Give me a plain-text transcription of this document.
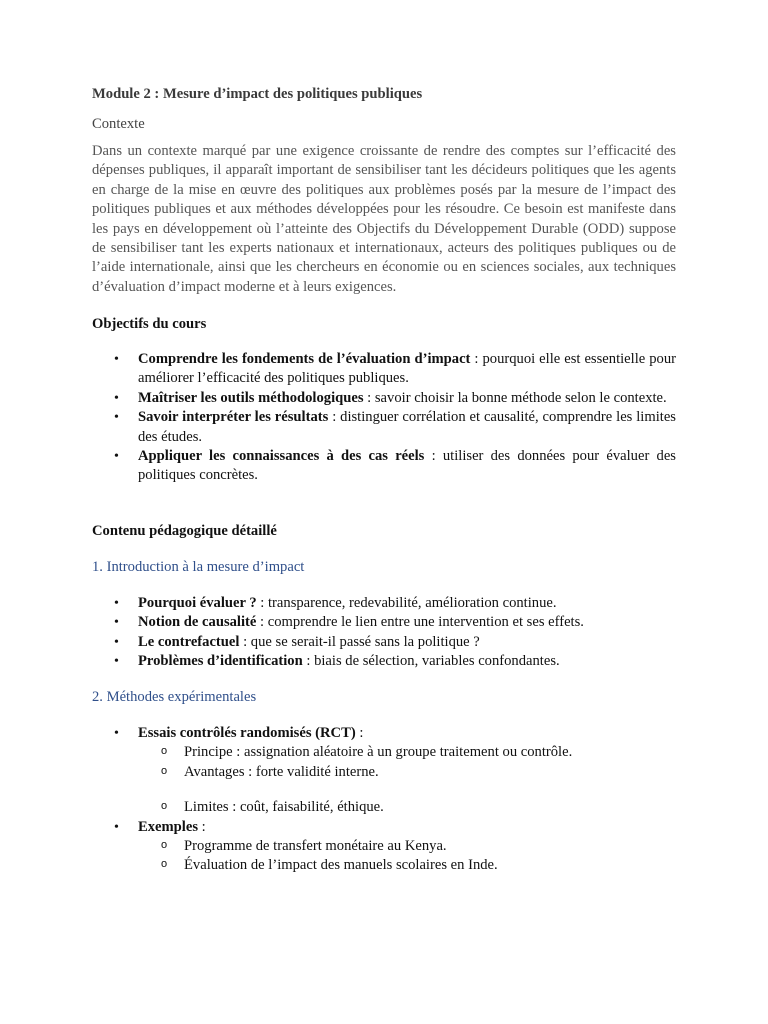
Module 2 : Mesure d’impact des politiques publiques

Contexte

Dans un contexte marqué par une exigence croissante de rendre des comptes sur l’efficacité des dépenses publiques, il apparaît important de sensibiliser tant les décideurs politiques que les agents en charge de la mise en œuvre des politiques aux problèmes posés par la mesure de l’impact des politiques publiques et aux méthodes développées pour les résoudre. Ce besoin est manifeste dans les pays en développement où l’atteinte des Objectifs du Développement Durable (ODD) suppose de sensibiliser tant les experts nationaux et internationaux, acteurs des politiques publiques ou de l’aide internationale, ainsi que les chercheurs en économie ou en sciences sociales, aux techniques d’évaluation d’impact moderne et à leurs exigences.

Objectifs du cours

• Comprendre les fondements de l’évaluation d’impact : pourquoi elle est essentielle pour améliorer l’efficacité des politiques publiques.
• Maîtriser les outils méthodologiques : savoir choisir la bonne méthode selon le contexte.
• Savoir interpréter les résultats : distinguer corrélation et causalité, comprendre les limites des études.
• Appliquer les connaissances à des cas réels : utiliser des données pour évaluer des politiques concrètes.

Contenu pédagogique détaillé

1. Introduction à la mesure d’impact

• Pourquoi évaluer ? : transparence, redevabilité, amélioration continue.
• Notion de causalité : comprendre le lien entre une intervention et ses effets.
• Le contrefactuel : que se serait-il passé sans la politique ?
• Problèmes d’identification : biais de sélection, variables confondantes.

2. Méthodes expérimentales

• Essais contrôlés randomisés (RCT) :
o Principe : assignation aléatoire à un groupe traitement ou contrôle.
o Avantages : forte validité interne.
o Limites : coût, faisabilité, éthique.
• Exemples :
o Programme de transfert monétaire au Kenya.
o Évaluation de l’impact des manuels scolaires en Inde.
